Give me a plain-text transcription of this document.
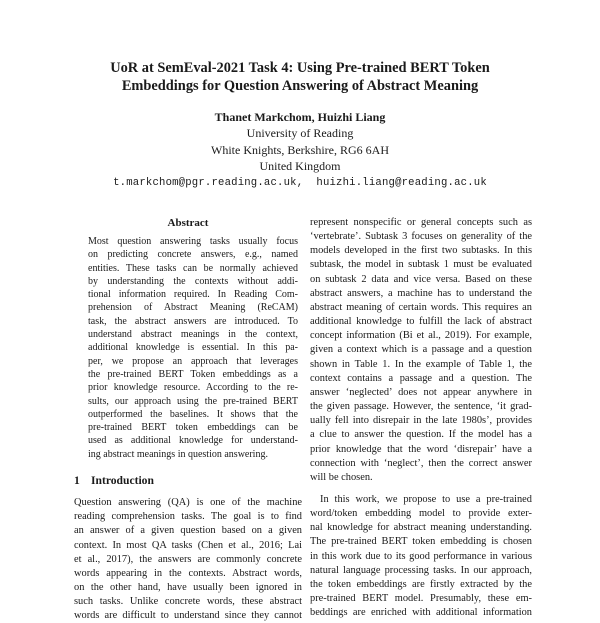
UoR at SemEval-2021 Task 4: Using Pre-trained BERT Token
Embeddings for Question Answering of Abstract Meaning
Thanet Markchom, Huizhi Liang
University of Reading
White Knights, Berkshire, RG6 6AH
United Kingdom
t.markchom@pgr.reading.ac.uk,  huizhi.liang@reading.ac.uk
Abstract
Most question answering tasks usually focus
on predicting concrete answers, e.g., named
entities. These tasks can be normally achieved
by understanding the contexts without addi-
tional information required. In Reading Com-
prehension of Abstract Meaning (ReCAM)
task, the abstract answers are introduced. To
understand abstract meanings in the context,
additional knowledge is essential. In this pa-
per, we propose an approach that leverages
the pre-trained BERT Token embeddings as a
prior knowledge resource. According to the re-
sults, our approach using the pre-trained BERT
outperformed the baselines. It shows that the
pre-trained BERT token embeddings can be
used as additional knowledge for understand-
ing abstract meanings in question answering.
1 Introduction
Question answering (QA) is one of the machine
reading comprehension tasks. The goal is to find
an answer of a given question based on a given
context. In most QA tasks (Chen et al., 2016; Lai
et al., 2017), the answers are commonly concrete
words appearing in the contexts. Abstract words,
on the other hand, have usually been ignored in
such tasks. Unlike concrete words, these abstract
words are difficult to understand since they cannot
represent nonspecific or general concepts such as
‘vertebrate’. Subtask 3 focuses on generality of the
models developed in the first two subtasks. In this
subtask, the model in subtask 1 must be evaluated
on subtask 2 data and vice versa. Based on these
abstract answers, a machine has to understand the
abstract meaning of certain words. This requires an
additional knowledge to fulfill the lack of abstract
concept information (Bi et al., 2019). For example,
given a context which is a passage and a question
shown in Table 1. In the example of Table 1, the
context contains a passage and a question. The
answer ‘neglected’ does not appear anywhere in
the given passage. However, the sentence, ‘it grad-
ually fell into disrepair in the late 1980s’, provides
a clue to answer the question. If the model has a
prior knowledge that the word ‘disrepair’ have a
connection with ‘neglect’, then the correct answer
will be chosen.
In this work, we propose to use a pre-trained
word/token embedding model to provide exter-
nal knowledge for abstract meaning understanding.
The pre-trained BERT token embedding is chosen
in this work due to its good performance in various
natural language processing tasks. In our approach,
the token embeddings are firstly extracted by the
pre-trained BERT model. Presumably, these em-
beddings are enriched with additional information
